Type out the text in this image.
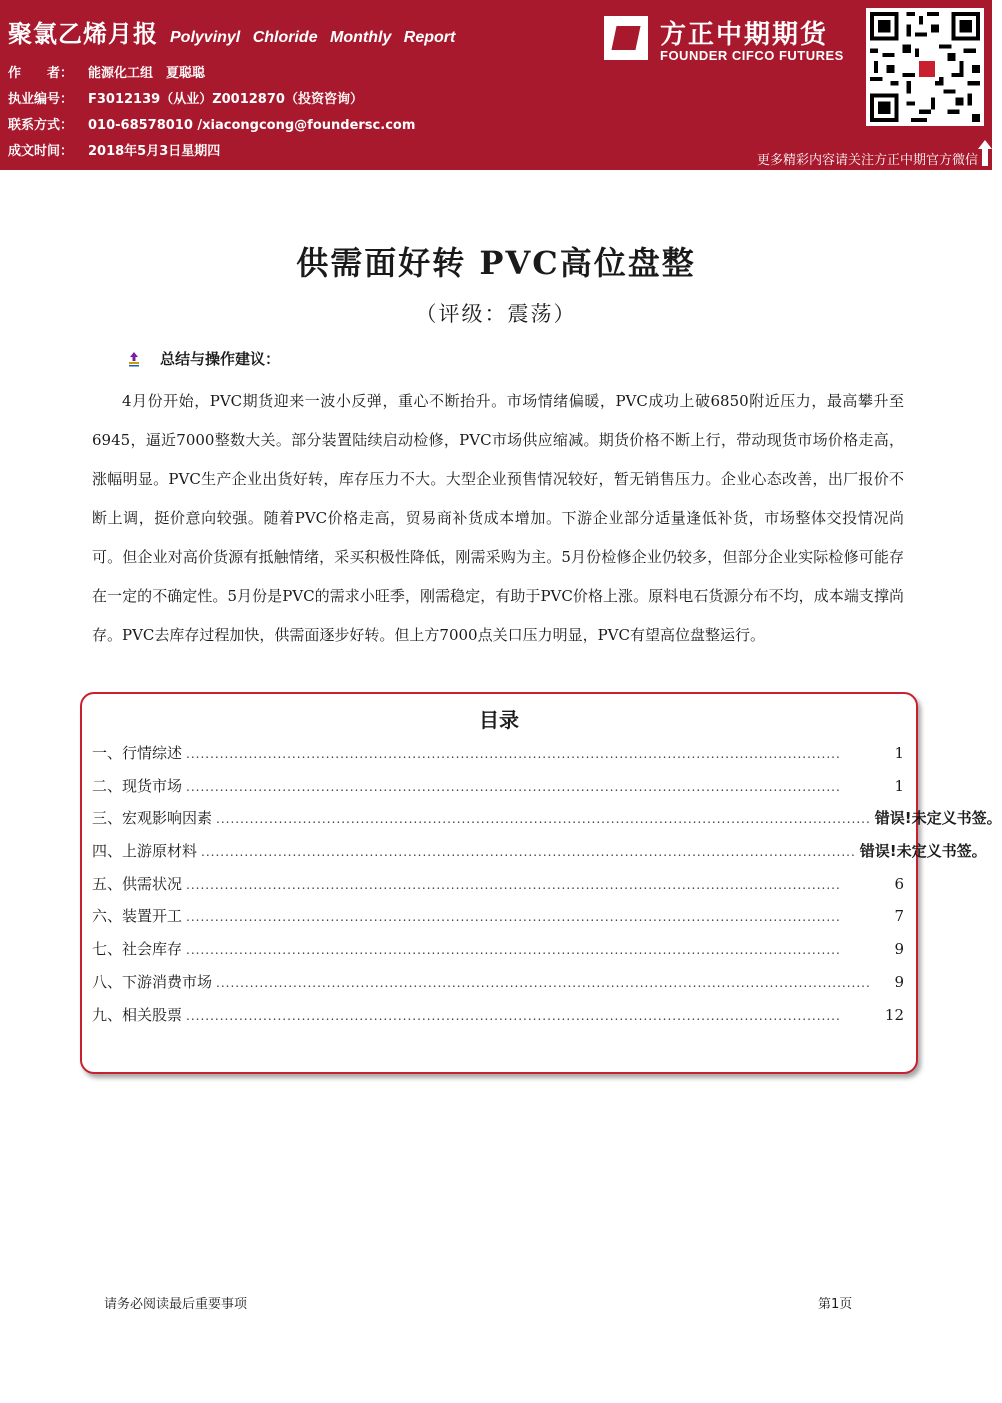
聚氯乙烯月报 Polyvinyl Chloride Monthly Report
作　　者： 能源化工组　夏聪聪
执业编号： F3012139（从业）Z0012870（投资咨询）
联系方式： 010-68578010 /xiacongcong@foundersc.com
成文时间： 2018年5月3日星期四
方正中期期货
FOUNDER CIFCO FUTURES
更多精彩内容请关注方正中期官方微信
供需面好转 PVC高位盘整
（评级：震荡）
总结与操作建议：

4月份开始，PVC期货迎来一波小反弹，重心不断抬升。市场情绪偏暖，PVC成功上破6850附近压力，最高攀升至6945，逼近7000整数大关。部分装置陆续启动检修，PVC市场供应缩减。期货价格不断上行，带动现货市场价格走高，涨幅明显。PVC生产企业出货好转，库存压力不大。大型企业预售情况较好，暂无销售压力。企业心态改善，出厂报价不断上调，挺价意向较强。随着PVC价格走高，贸易商补货成本增加。下游企业部分适量逢低补货，市场整体交投情况尚可。但企业对高价货源有抵触情绪，采买积极性降低，刚需采购为主。5月份检修企业仍较多，但部分企业实际检修可能存在一定的不确定性。5月份是PVC的需求小旺季，刚需稳定，有助于PVC价格上涨。原料电石货源分布不均，成本端支撑尚存。PVC去库存过程加快，供需面逐步好转。但上方7000点关口压力明显，PVC有望高位盘整运行。

目录
一、行情综述 ........................................................................................................................................	1
二、现货市场 ........................................................................................................................................	1
三、宏观影响因素 ........................................................................................................................................ 错误!未定义书签。
四、上游原材料 ........................................................................................................................................ 错误!未定义书签。
五、供需状况 ........................................................................................................................................	6
六、装置开工 ........................................................................................................................................	7
七、社会库存 ........................................................................................................................................	9
八、下游消费市场 ........................................................................................................................................	9
九、相关股票 ........................................................................................................................................	12
请务必阅读最后重要事项	第1页
